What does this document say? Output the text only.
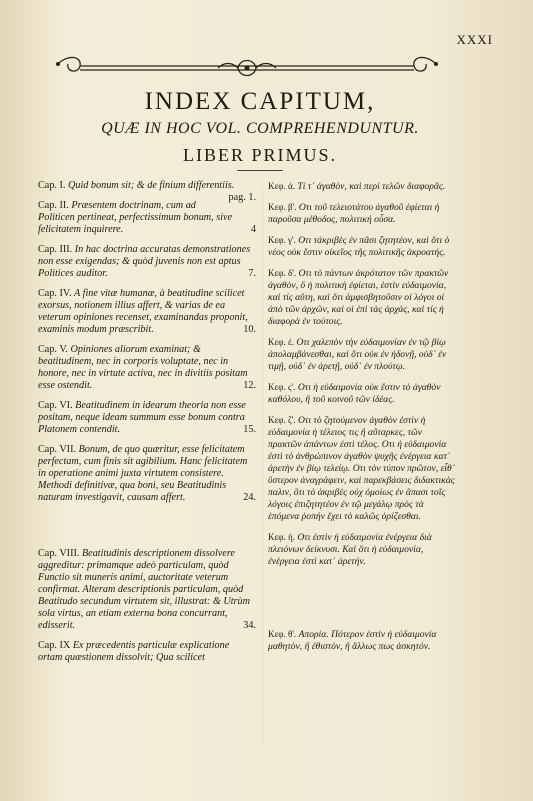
XXXI
INDEX CAPITUM,
QUÆ IN HOC VOL. COMPREHENDUNTUR.
LIBER PRIMUS.
Cap. I. Quid bonum sit; & de finium differentiis.
pag. 1.
Cap. II. Præsentem doctrinam, cum ad Politicen pertineat, perfectissimum bonum, sive felicitatem inquirere.	4
Cap. III. In hac doctrina accuratas demonstrationes non esse exigendas; & quòd juvenis non est aptus Politices auditor.	7.
Cap. IV. A fine vitæ humanæ, à beatitudine scilicet exorsus, notionem illius affert, & varias de ea veterum opiniones recenset, examinandas proponit, examinis modum præscribit.	10.
Cap. V. Opiniones aliorum examinat; & beatitudinem, nec in corporis voluptate, nec in honore, nec in virtute activa, nec in divitiis positam esse ostendit.	12.
Cap. VI. Beatitudinem in idearum theoria non esse positam, neque ideam summum esse bonum contra Platonem contendit.	15.
Cap. VII. Bonum, de quo quæritur, esse felicitatem perfectam, cum finis sit agibilium. Hanc felicitatem in operatione animi juxta virtutem consistere. Methodi definitivæ, qua boni, seu Beatitudinis naturam investigavit, causam affert.	24.
Cap. VIII. Beatitudinis descriptionem dissolvere aggreditur: primamque adeò particulam, quòd Functio sit muneris animi, auctoritate veterum confirmat. Alteram descriptionis particulam, quòd Beatitudo secundum virtutem sit, illustrat: & Utrùm sola virtus, an etiam externa bona concurrant, edisserit.	34.
Cap. IX Ex præcedentis particulæ explicatione ortam quæstionem dissolvit; Qua scilicet
Κεφ. ά. Τί τ᾽ ἀγαθὸν, καὶ περὶ τελῶν διαφορᾶς.
Κεφ. β'. Οτι τοῦ τελειοτάτου ἀγαθοῦ ἐφίεται ἡ παροῦσα μέθοδος, πολιτική οὖσα.
Κεφ. γ'. Οτι τἀκριβὲς ἐν πᾶσι ζητητέον, καὶ ὅτι ὁ νέος οὐκ ἔστιν οἰκεῖος τῆς πολιτικῆς ἀκροατής.
Κεφ. δ'. Οτι τὸ πάντων ἀκρότατον τῶν πρακτῶν ἀγαθὸν, ὃ ἡ πολιτικὴ ἐφίεται, ἐστὶν εὐδαιμονία, καὶ τίς αὕτη, καὶ ὅτι ἀμφισβητοῦσιν οἱ λόγοι οἱ ἀπὸ τῶν ἀρχῶν, καὶ οἱ ἐπὶ τὰς ἀρχάς, καὶ τίς ἡ διαφορὰ ἐν τούτοις.
Κεφ. έ. Οτι χαλεπὸν τὴν εὐδαιμονίαν ἐν τῷ βίῳ ἀπολαμβάνεσθαι, καὶ ὅτι οὐκ ἐν ἡδονῇ, οὐδ᾽ ἐν τιμῇ, οὐδ᾽ ἐν ἀρετῇ, οὐδ᾽ ἐν πλούτῳ.
Κεφ. ς'. Οτι ἡ εὐδαιμονία οὐκ ἔστιν τὸ ἀγαθὸν καθόλου, ἢ τοῦ κοινοῦ τῶν ἰδέας.
Κεφ. ζ'. Οτι τὸ ζητούμενον ἀγαθὸν ἐστὶν ἡ εὐδαιμονία ἡ τέλειος τις ἢ αὔταρκες, τῶν πρακτῶν ἁπάντων ἐστὶ τέλος. Οτι ἡ εὐδαιμονία ἐστὶ τὸ ἀνθρώπινον ἀγαθὸν ψυχῆς ἐνέργεια κατ᾽ ἀρετὴν ἐν βίῳ τελείῳ. Οτι τὸν τύπον πρῶτον, εἶθ᾽ ὕστερον ἀναγράφειν, καὶ παρεκβάσεις διδακτικὰς παλιν, ὅτι τὸ ἀκριβὲς οὐχ ὁμοίως ἐν ἅπασι τοῖς λόγοις ἐπιζητητέον ἐν τῷ μεγάλῳ πρὸς τὰ ἑπόμενα ῥοπήν ἔχει τὸ καλῶς ὁρίζεσθαι.
Κεφ. ή. Οτι ἐστὶν ἡ εὐδαιμονία ἐνέργεια διὰ πλειόνων δείκνυσι. Καὶ ὅτι ἡ εὐδαιμονία, ἐνέργεια ἐστὶ κατ᾽ ἀρετήν.
Κεφ. θ'. Απορία. Πότερον ἐστὶν ἡ εὐδαιμονία μαθητὸν, ἢ ἐθιστὸν, ἢ ἄλλως πως ἀσκητόν.
